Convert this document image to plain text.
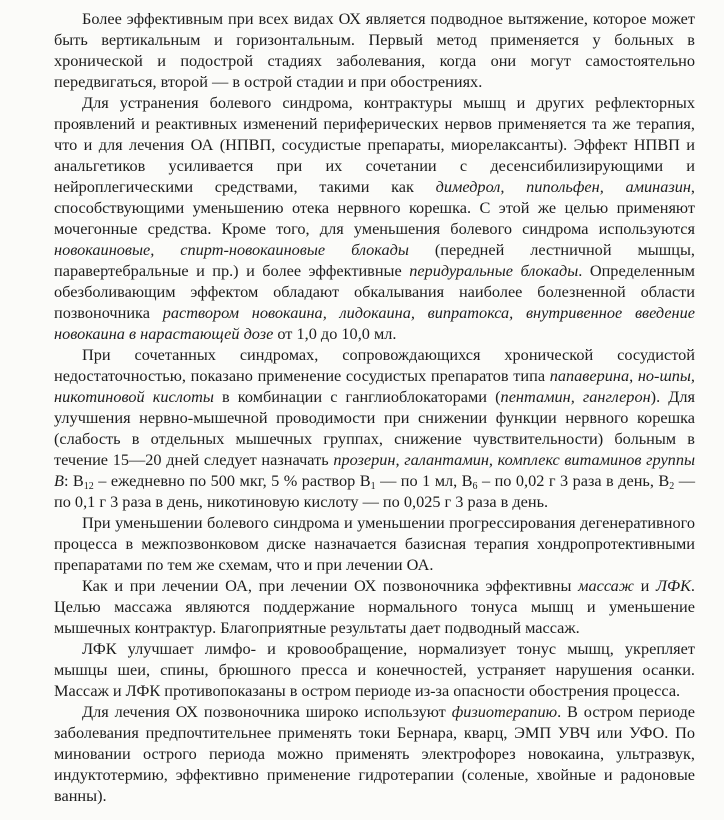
Более эффективным при всех видах ОХ является подводное вытяжение, которое может быть вертикальным и горизонтальным. Первый метод применяется у больных в хронической и подострой стадиях заболевания, когда они могут самостоятельно передвигаться, второй — в острой стадии и при обострениях.

Для устранения болевого синдрома, контрактуры мышц и других рефлекторных проявлений и реактивных изменений периферических нервов применяется та же терапия, что и для лечения ОА (НПВП, сосудистые препараты, миорелаксанты). Эффект НПВП и анальгетиков усиливается при их сочетании с десенсибилизирующими и нейроплегическими средствами, такими как димедрол, пипольфен, аминазин, способствующими уменьшению отека нервного корешка. С этой же целью применяют мочегонные средства. Кроме того, для уменьшения болевого синдрома используются новокаиновые, спирт-новокаиновые блокады (передней лестничной мышцы, паравертебральные и пр.) и более эффективные перидуральные блокады. Определенным обезболивающим эффектом обладают обкалывания наиболее болезненной области позвоночника раствором новокаина, лидокаина, випратокса, внутривенное введение новокаина в нарастающей дозе от 1,0 до 10,0 мл.

При сочетанных синдромах, сопровождающихся хронической сосудистой недостаточностью, показано применение сосудистых препаратов типа папаверина, но-шпы, никотиновой кислоты в комбинации с ганглиоблокаторами (пентамин, ганглерон). Для улучшения нервно-мышечной проводимости при снижении функции нервного корешка (слабость в отдельных мышечных группах, снижение чувствительности) больным в течение 15—20 дней следует назначать прозерин, галантамин, комплекс витаминов группы B: $B_{12}$ – ежедневно по 500 мкг, 5 % раствор $B_1$ — по 1 мл, $B_6$ – по 0,02 г 3 раза в день, $B_2$ — по 0,1 г 3 раза в день, никотиновую кислоту — по 0,025 г 3 раза в день.

При уменьшении болевого синдрома и уменьшении прогрессирования дегенеративного процесса в межпозвонковом диске назначается базисная терапия хондропротективными препаратами по тем же схемам, что и при лечении ОА.

Как и при лечении ОА, при лечении ОХ позвоночника эффективны массаж и ЛФК. Целью массажа являются поддержание нормального тонуса мышц и уменьшение мышечных контрактур. Благоприятные результаты дает подводный массаж.

ЛФК улучшает лимфо- и кровообращение, нормализует тонус мышц, укрепляет мышцы шеи, спины, брюшного пресса и конечностей, устраняет нарушения осанки. Массаж и ЛФК противопоказаны в остром периоде из-за опасности обострения процесса.

Для лечения ОХ позвоночника широко используют физиотерапию. В остром периоде заболевания предпочтительнее применять токи Бернара, кварц, ЭМП УВЧ или УФО. По миновании острого периода можно применять электрофорез новокаина, ультразвук, индуктотермию, эффективно применение гидротерапии (соленые, хвойные и радоновые ванны).
